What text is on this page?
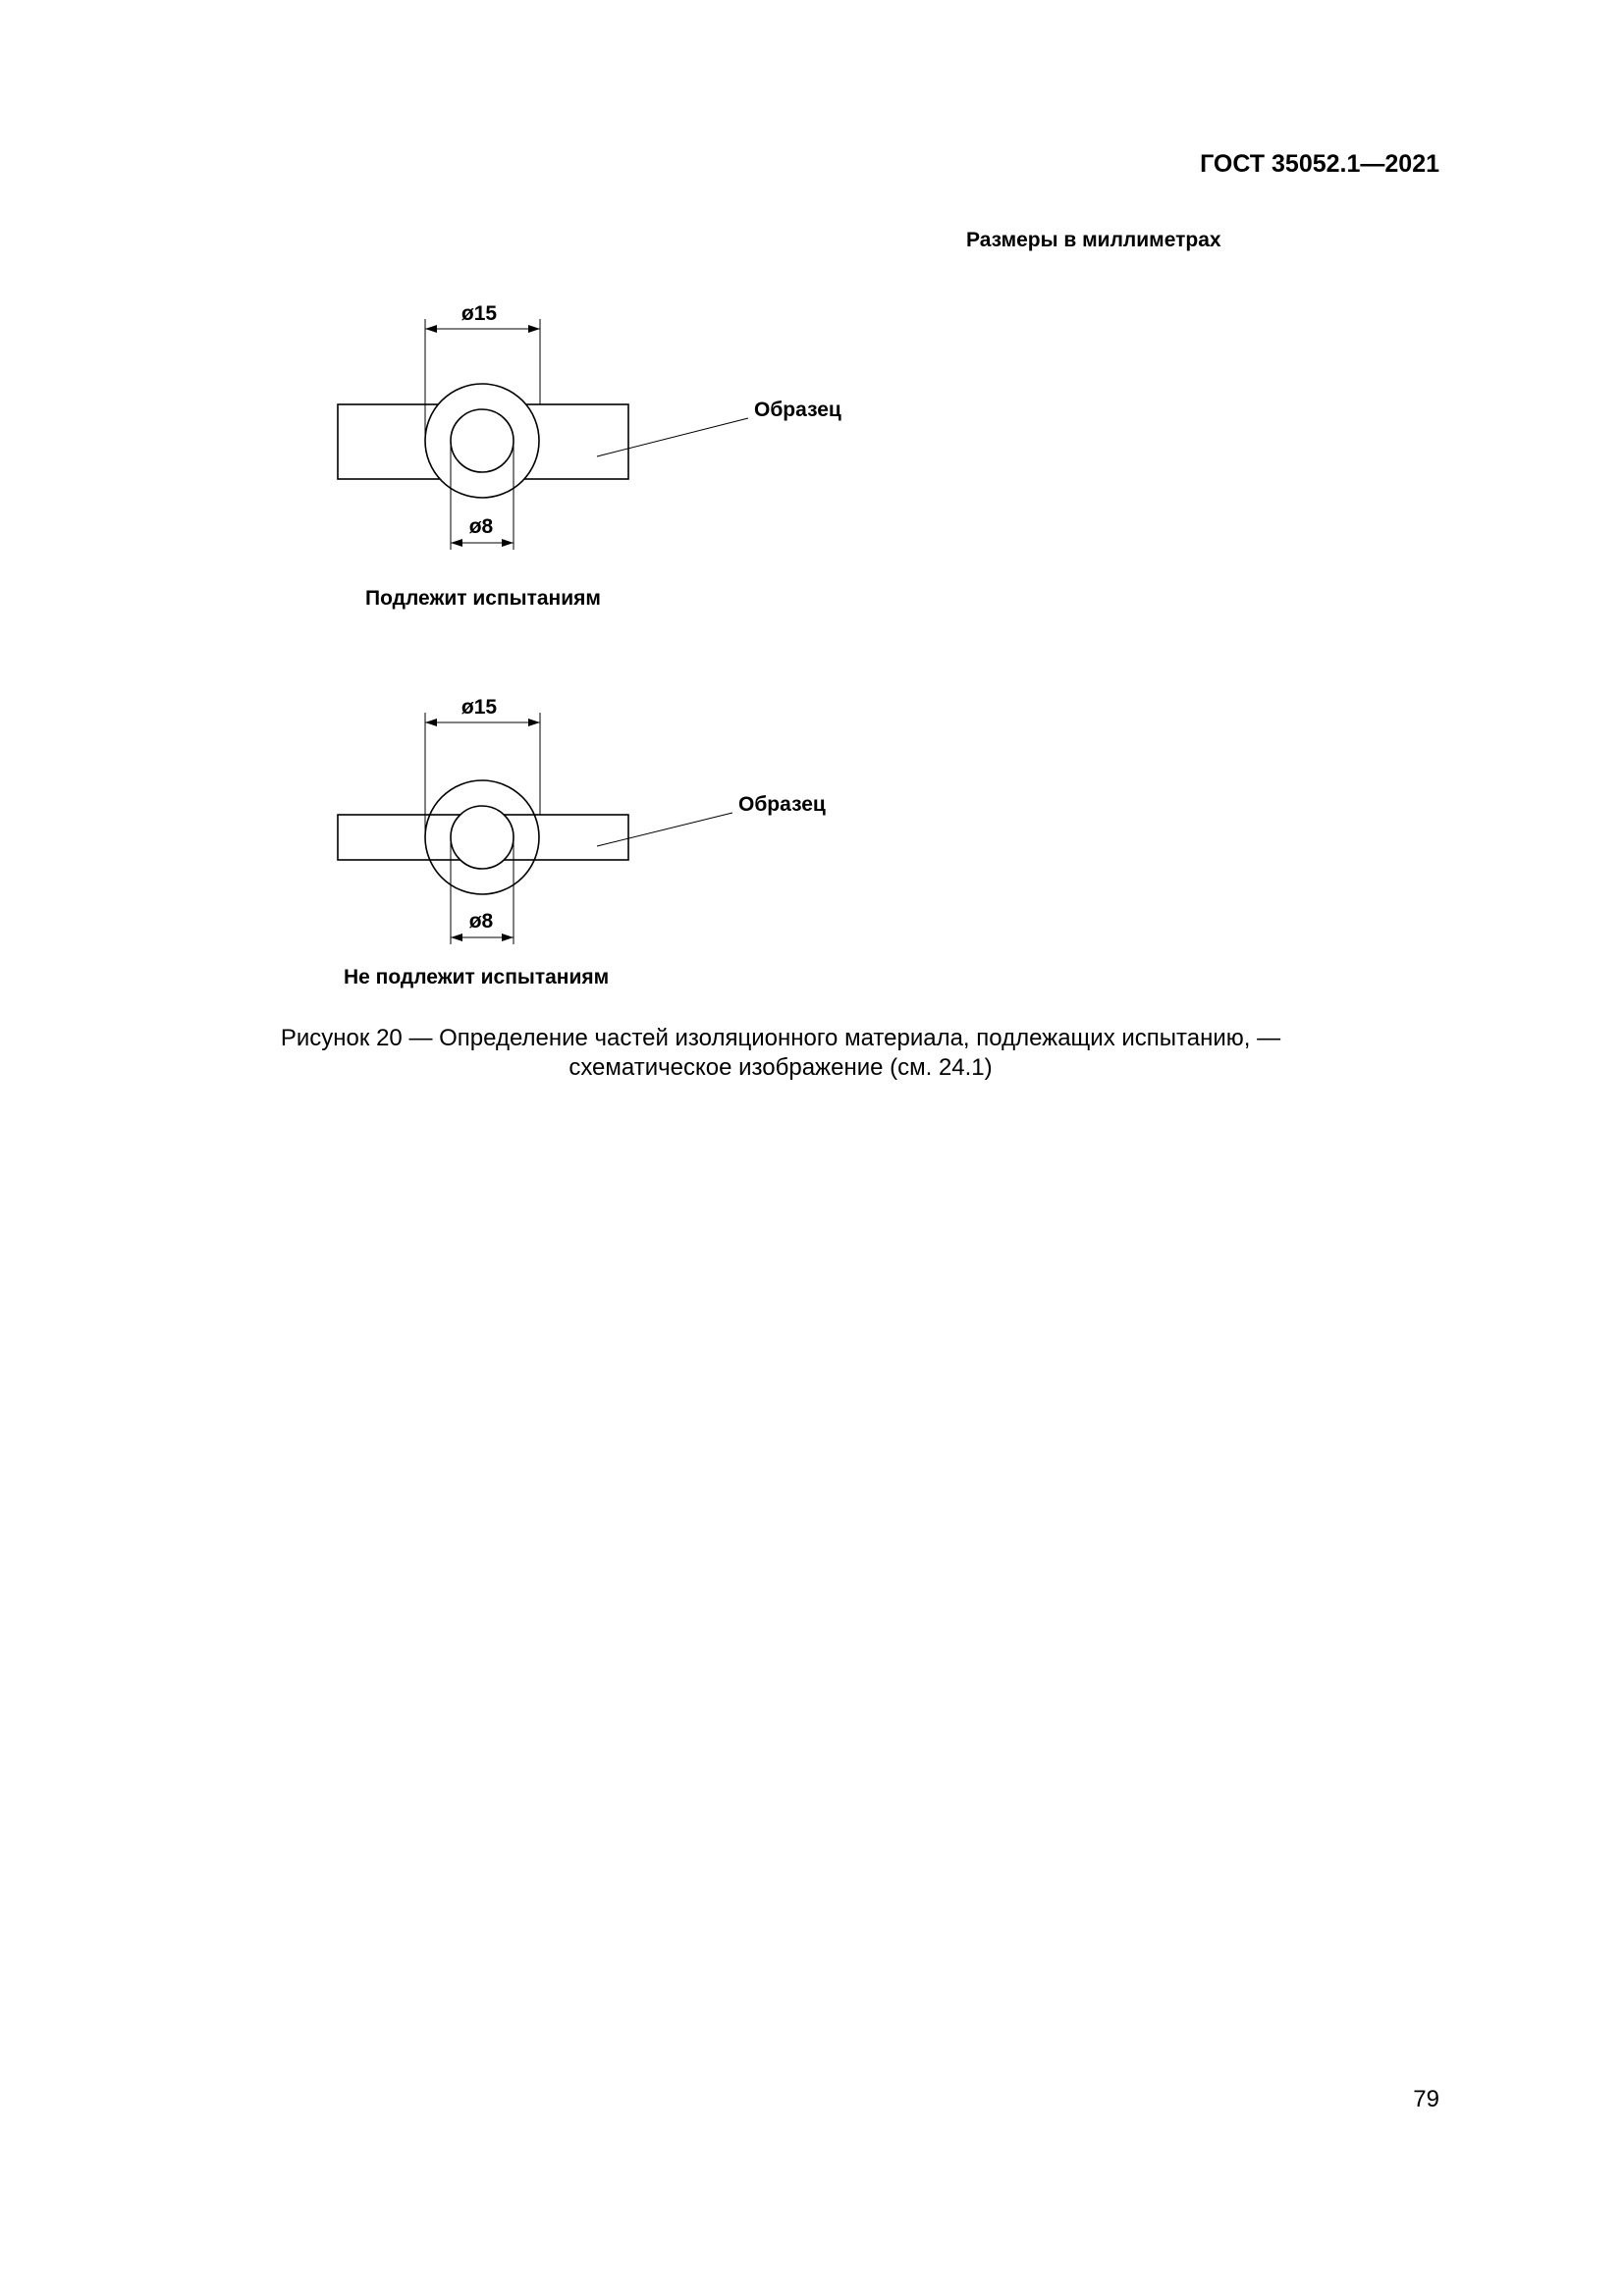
ГОСТ 35052.1—2021
Размеры в миллиметрах
ø15
ø8
Образец
Подлежит испытаниям
ø15
ø8
Образец
Не подлежит испытаниям
Рисунок 20 — Определение частей изоляционного материала, подлежащих испытанию, —
схематическое изображение (см. 24.1)
79
